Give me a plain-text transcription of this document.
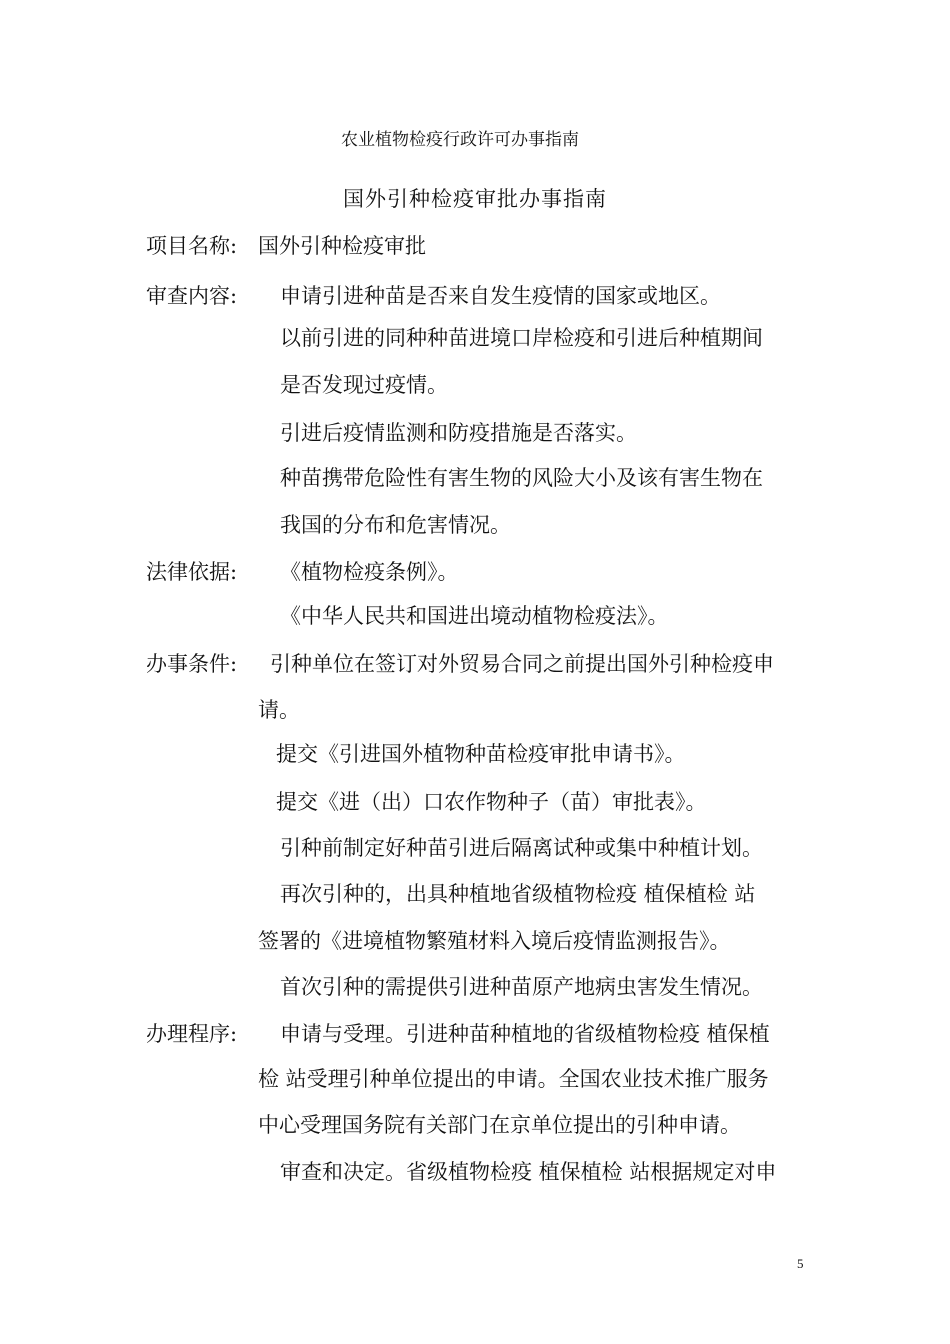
农业植物检疫行政许可办事指南
国外引种检疫审批办事指南
项目名称: 国外引种检疫审批
审查内容: 申请引进种苗是否来自发生疫情的国家或地区。
以前引进的同种种苗进境口岸检疫和引进后种植期间
是否发现过疫情。
引进后疫情监测和防疫措施是否落实。
种苗携带危险性有害生物的风险大小及该有害生物在
我国的分布和危害情况。
法律依据: 《植物检疫条例》。
《中华人民共和国进出境动植物检疫法》。
办事条件: 引种单位在签订对外贸易合同之前提出国外引种检疫申
请。
提交《引进国外植物种苗检疫审批申请书》。
提交《进（出）口农作物种子（苗）审批表》。
引种前制定好种苗引进后隔离试种或集中种植计划。
再次引种的，出具种植地省级植物检疫 植保植检 站
签署的《进境植物繁殖材料入境后疫情监测报告》。
首次引种的需提供引进种苗原产地病虫害发生情况。
办理程序: 申请与受理。引进种苗种植地的省级植物检疫 植保植
检 站受理引种单位提出的申请。全国农业技术推广服务
中心受理国务院有关部门在京单位提出的引种申请。
审查和决定。省级植物检疫 植保植检 站根据规定对申
5
